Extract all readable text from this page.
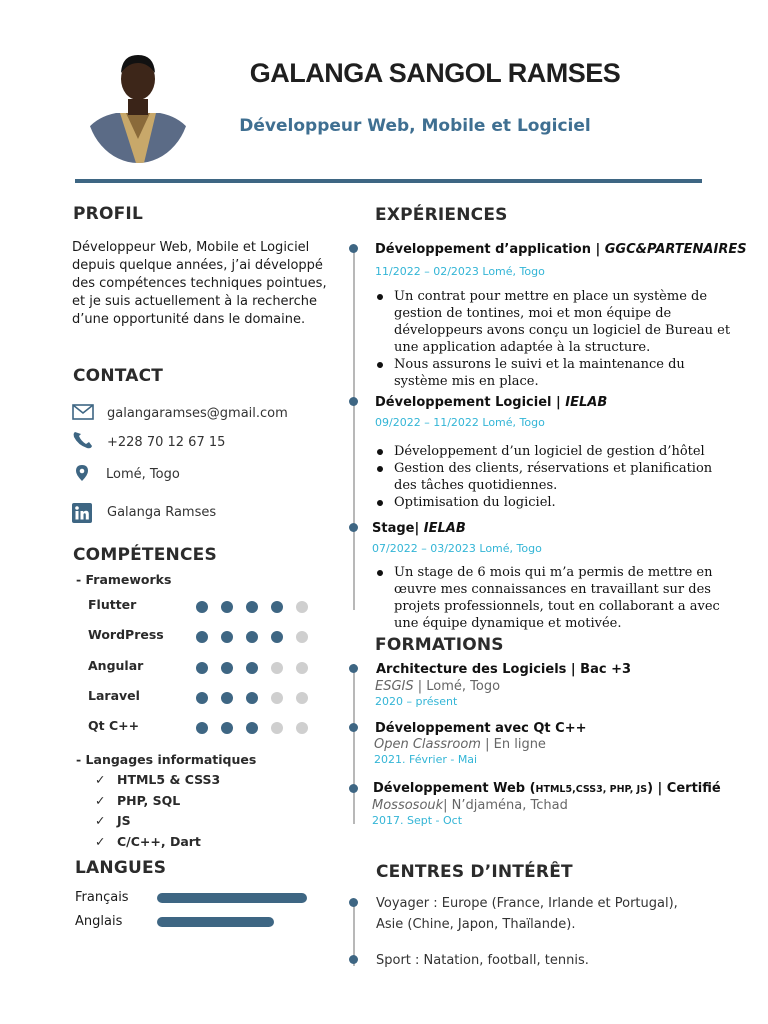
GALANGA SANGOL RAMSES
Développeur Web, Mobile et Logiciel
PROFIL
Développeur Web, Mobile et Logiciel depuis quelque années, j’ai développé des compétences techniques pointues, et je suis actuellement à la recherche d’une opportunité dans le domaine.
CONTACT
galangaramses@gmail.com
+228 70 12 67 15
Lomé, Togo
Galanga Ramses
COMPÉTENCES
- Frameworks
Flutter
WordPress
Angular
Laravel
Qt C++
- Langages informatiques
✓ HTML5 & CSS3
✓ PHP, SQL
✓ JS
✓ C/C++, Dart
LANGUES
Français
Anglais
EXPÉRIENCES
Développement d’application | GGC&PARTENAIRES
11/2022 – 02/2023 Lomé, Togo
Un contrat pour mettre en place un système de gestion de tontines, moi et mon équipe de développeurs avons conçu un logiciel de Bureau et une application adaptée à la structure.
Nous assurons le suivi et la maintenance du système mis en place.
Développement Logiciel | IELAB
09/2022 – 11/2022 Lomé, Togo
Développement d’un logiciel de gestion d’hôtel
Gestion des clients, réservations et planification des tâches quotidiennes.
Optimisation du logiciel.
Stage| IELAB
07/2022 – 03/2023 Lomé, Togo
Un stage de 6 mois qui m’a permis de mettre en œuvre mes connaissances en travaillant sur des projets professionnels, tout en collaborant a avec une équipe dynamique et motivée.
FORMATIONS
Architecture des Logiciels | Bac +3
ESGIS | Lomé, Togo
2020 – présent
Développement avec Qt C++
Open Classroom | En ligne
2021. Février - Mai
Développement Web (HTML5,CSS3, PHP, JS) | Certifié
Mossosouk| N’djaména, Tchad
2017. Sept - Oct
CENTRES D’INTÉRÊT
Voyager : Europe (France, Irlande et Portugal), Asie (Chine, Japon, Thaïlande).
Sport : Natation, football, tennis.
